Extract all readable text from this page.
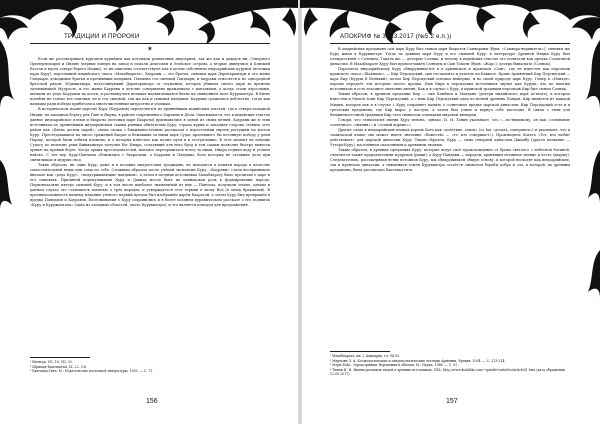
ТРАДИЦИИ И ПРОРОКИ
✶

Если же рассматривать курганов курийцев как потомков реликтовых индоариев, так же как и давадов им, Северного Причерноморья и Индию (первые поверх на запад и попали Анатолии и Эгейское острова, а вторые двинулись к Близкий Восток и вдоль северо-берега Индии), то их описание соответствуют как в целом собственно индоарийских курунов (потомки царя Куру), персонажей индийского эпоса «Махабхарата». Кауравы — это братья, сыновья царя Дхритараштры и его жены Гандхари, доводимые братья и противники пандавов. Племена ста сыновей Гандхари, и кауравы относятся к не однородной братской рядом. Юдхиштхира, подтолкнувший Дхритараштра от служения, которая убивала своего царя во времена затмевающей Мудрость, и его жены Кауравы в детстве совершенно враждовали с пандавами, а когда стали взрослыми, вызвали из рода Кауравов на кости, и распахнулась великая надвигающаяся битва на священном поле Курукшетра. В битве погибли не только все сыновья, но и ста сыновей, так же как и сыновья пандавов. Кауравы сражались доблестно, тогда как пандавы ради победы прибегали к многочисленным хитростям и уловкам.

В историческом плане царство Куру (Кауравов) определяется по древнейшим ведийским текстам, где в северо-западной Индии, на западном берегу рек Ганг и Ямуна, в районе современного Харьяны и Дели. Описываются, что в ведийских текстах данное индоарийское племя и бхараты (потомки царя Бхараты) признавались в одной из своих ветвей. Кауравы же в этих источниках по древнейшим индоарийским самым ранним обитателям Куру, страна курии и западная сторона ставила этот район как «Битва десяти царей», очень схожа с ближневосточным рассказом о переселении евреев растущим на восток Куру. Преследовавшем их число сражений бхарат и бежавших за ними царя Судас пропевшего бы песенную победу у реки Паршу, которой были отбиты племена, и о которых известно как позже пути и к отступлению. В этот момент на помощь Судасу по велению реки Вишвамитра получил бог Индра, создавший для него брод и тем самым позволил быстро вывести армию на правый берег. Когда армия преследователей, пытаясь переправиться вслед за ними, Индра поднял воду и утопил войско. С тех пор Куру-Панчалы сблизились с бхаратами, а Кауравы и Пандавы, боги которых не оставили дела при святилищах и мудрых свод.

Такие образом, ни один Куру, даже и в поздних индуистских традициях, не находится в памяти народа в качестве самостоятельной вещи или сама по себе. Сложным образом после учёной экспансии Куру, «Кауравы» стали воспринимать вначале как «рода Куру», «поддерживающие пандавов», а затем в поздних источниках Махабхарату было прочитан о царе и его сыновьях. Причиной перепутывания Куру и Давида могла быть их одинаковая роль в формировании народа. Первоначально пятеро сыновей Куру, и в том числе наиболее знаменитый из них — Панчала, получили землю, однако в данном случае это становится памятью о трёх народах, и утверждается этот термин в эпоху Вед (в эпоху брахманов). В противоположность нашему изданию учёного первый предок был изображён царём Бхаратой, а затем Куру был превращён в предка Пандавов и Кауравов. Воспоминания о Куру сохранились и в более позднем пураническом рассказе о его подвигах «Куру и Куружангала» (одна из западных областей, около Курукшетра), и это является поводом для продолжения.

¹ Ригведа, VII, 18; VII, 33.
² Шримад-Бхагаватам, IX, 22. 3-4.
³ Бхагавад-Гита. М.: Издательство восточной литературы, 1993. — С. 71.
156
АПОКРИФ № 3 (63.2017 (№5.2 е.п.))

В амарийских преданиях сам царь Куру был сыном царя бхаратов Самвараны (букв. «Самвара-вершитель»), сыновья же Куру жили в Курукшетре. Тогда по данным царя Куру и его сыновей Куру, в литературе Древней Индии Куру был отождествлён с Солнцем, Тапати же — дочерью Солнца, и потому в ведийских текстах его почитали как предка Солнечной династии. В Махабхарате Куру был провозглашён Солнцем и Сын Тапати (букв. «Жар»), дочерь Вивасвата (Солнца).

Параллель индоарийскому Куру обнаруживается и в армянском и иранском «Сын», где он известен как персонаж иранского эпоса «Шахнаме», — Кир Персидский, сын тестамента и учитель на Кавказе. Ирано-Армянский Кир Персидский — царь Кир (Куруш II Великий), потом Кир Персидский основал империю, и по своей природе царь Куру. Гомер в «Илиаде» хорошо передаёт эти историю своего предка. Имя Кира в персидских источниках звучит как Куруш, что по многим источникам и есть исходное значение имени. Как и в случае с Куру, в иранской традиции персонаж Кир был сыном Солнца.

Таким образом, в древнем предании Кир — сын Камбиза и Мандана (дочери мидийского царя Астиага), в котором известны в Малой Азии Кир Персидский, а с ним Кир Персидский одна из ветвей древних Пандав. Кир является из каждой Мидии, которая как и в случае с Куру сохраняет память о солнечном предке царской династии. Кир Персидский есть и в греческих преданиях, где Кир вырос у пастуха, а затем был узнан и вернул себе наследие. В связи с этим для ближневосточной традиции Кир стал символом основания мировой империи.

Говоря, что этимология имени Куру неясна, однако, И. И. Танин указывает, что «...по-видимому, он как «основание солнечного «знания»» и «осевой корень»».

Другие слова в индоарийских языках корень Kuru как «действие, закон» (от kar «делать, совершать») и указывает, что в тамильской языке она может иметь значение «божество — «те, кто совершает»). Производное Kurava «Тот, кто любит действовать» для царской династии Куру. Таким образом, Куру — сына северной династии Джамбу (другое название — Уттара-Куру), населённая сказочными и древними людьми.

Таким образом, в древних преданиях Куру, которые ведут своё происхождение от брака светлого с небесной богиней, считаются также прародителями мудрецов (риши), а Куру-Пандавы — народом, хранящим истинное знание и честь (дхарму). Следовательно, рассматривая ветви потомков Куру, мы обнаруживаем общую основу, к которой восходят как индоарийские, так и иранские династии, а священная земля Курукшетра остаётся символом борьбы добра и зла, в которой, по древним преданиям, была рассказана Бхагавад-гита.

¹ Махабхарата, кн. I. Адипарва, гл. 94-95.
² Мирзоян Э. А. Космологические и антропологические легенды Армении. Ереван, 2004. — С. 213-214.
³ Мэри Бойс. Зороастрийцы. Верования и обычаи. М.: Наука, 1988. — С. 87.
⁴ Танин И. И. Имена реальных людей в древних источниках: URL: http://www.kulichki.com/~gumilev/articles/Article51.htm (дата обращения 12.05.2017).
157
